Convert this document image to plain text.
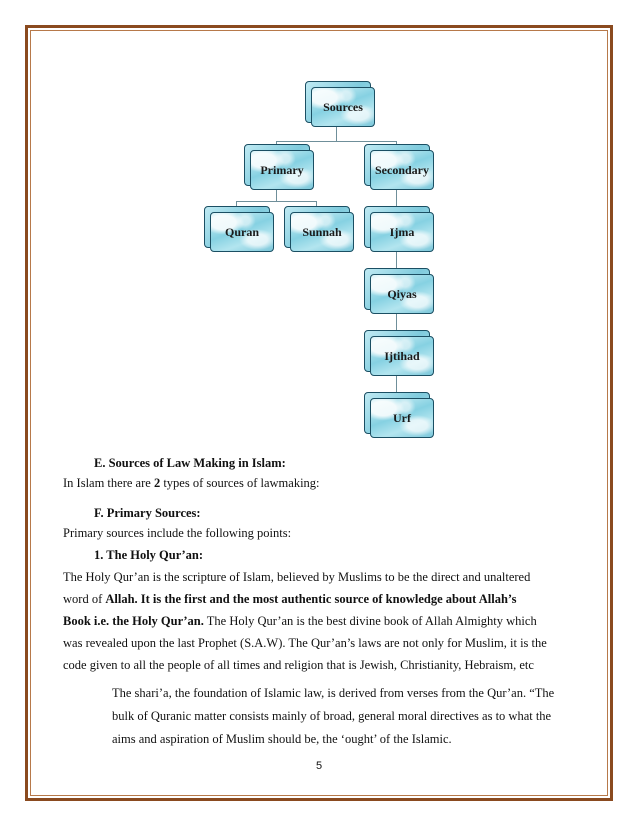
Sources
Primary	Secondary
Quran	Sunnah	Ijma
Qiyas
Ijtihad
Urf
E. Sources of Law Making in Islam:
In Islam there are 2 types of sources of lawmaking:
F. Primary Sources:
Primary sources include the following points:
1. The Holy Qur’an:
The Holy Qur’an is the scripture of Islam, believed by Muslims to be the direct and unaltered
word of Allah. It is the first and the most authentic source of knowledge about Allah’s
Book i.e. the Holy Qur’an. The Holy Qur’an is the best divine book of Allah Almighty which
was revealed upon the last Prophet (S.A.W). The Qur’an’s laws are not only for Muslim, it is the
code given to all the people of all times and religion that is Jewish, Christianity, Hebraism, etc
The shari’a, the foundation of Islamic law, is derived from verses from the Qur’an. “The
bulk of Quranic matter consists mainly of broad, general moral directives as to what the
aims and aspiration of Muslim should be, the ‘ought’ of the Islamic.
5
